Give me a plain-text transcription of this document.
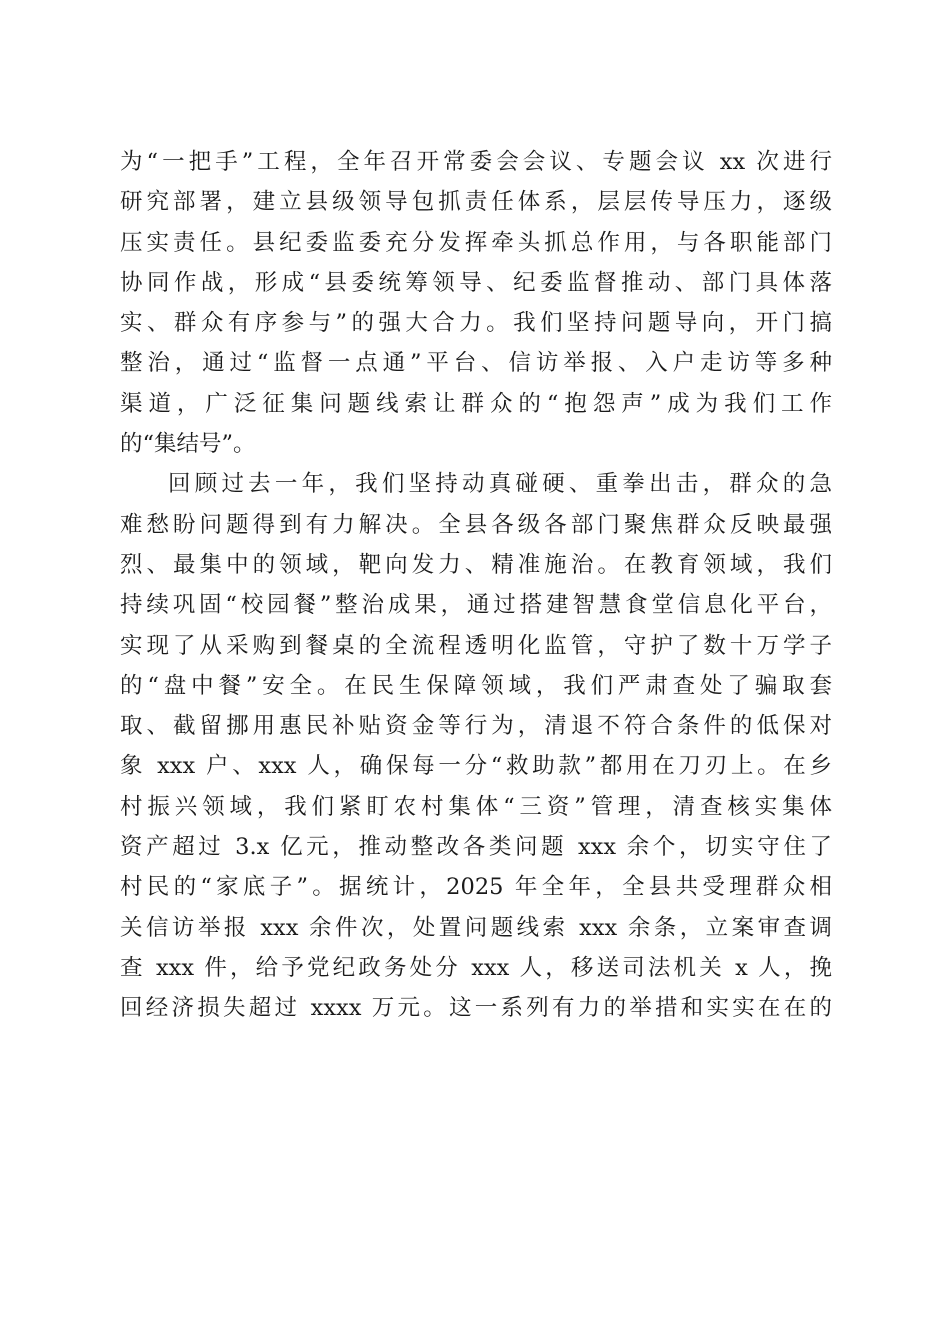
为“一把手”工程，全年召开常委会会议、专题会议 xx 次进行
研究部署，建立县级领导包抓责任体系，层层传导压力，逐级
压实责任。县纪委监委充分发挥牵头抓总作用，与各职能部门
协同作战，形成“县委统筹领导、纪委监督推动、部门具体落
实、群众有序参与”的强大合力。我们坚持问题导向，开门搞
整治，通过“监督一点通”平台、信访举报、入户走访等多种
渠道，广泛征集问题线索让群众的“抱怨声”成为我们工作
的“集结号”。
回顾过去一年，我们坚持动真碰硬、重拳出击，群众的急
难愁盼问题得到有力解决。全县各级各部门聚焦群众反映最强
烈、最集中的领域，靶向发力、精准施治。在教育领域，我们
持续巩固“校园餐”整治成果，通过搭建智慧食堂信息化平台，
实现了从采购到餐桌的全流程透明化监管，守护了数十万学子
的“盘中餐”安全。在民生保障领域，我们严肃查处了骗取套
取、截留挪用惠民补贴资金等行为，清退不符合条件的低保对
象 xxx 户、xxx 人，确保每一分“救助款”都用在刀刃上。在乡
村振兴领域，我们紧盯农村集体“三资”管理，清查核实集体
资产超过 3.x 亿元，推动整改各类问题 xxx 余个，切实守住了
村民的“家底子”。据统计，2025 年全年，全县共受理群众相
关信访举报 xxx 余件次，处置问题线索 xxx 余条，立案审查调
查 xxx 件，给予党纪政务处分 xxx 人，移送司法机关 x 人，挽
回经济损失超过 xxxx 万元。这一系列有力的举措和实实在在的
